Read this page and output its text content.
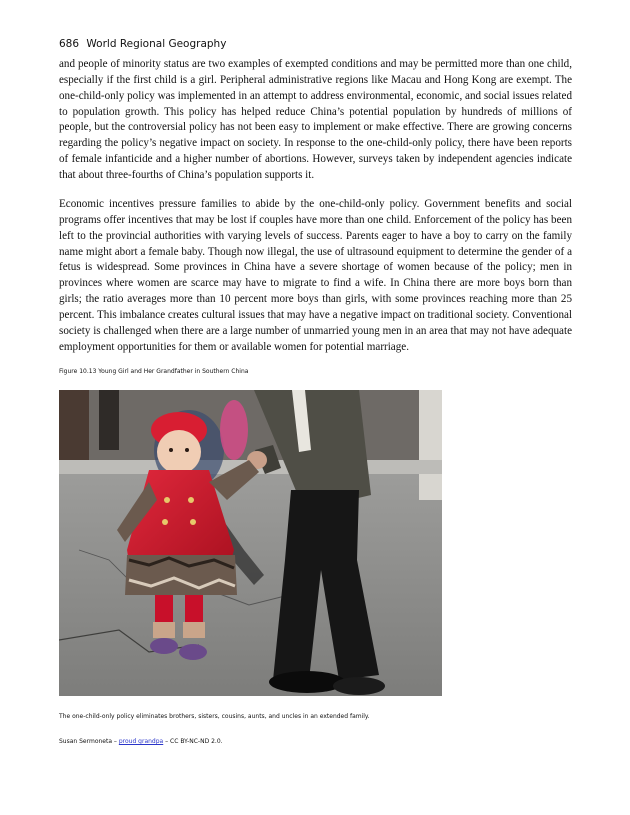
686 World Regional Geography

and people of minority status are two examples of exempted conditions and may be permitted more than one child, especially if the first child is a girl. Peripheral administrative regions like Macau and Hong Kong are exempt. The one-child-only policy was implemented in an attempt to address environmental, economic, and social issues related to population growth. This policy has helped reduce China’s potential population by hundreds of millions of people, but the controversial policy has not been easy to implement or make effective. There are growing concerns regarding the policy’s negative impact on society. In response to the one-child-only policy, there have been reports of female infanticide and a higher number of abortions. However, surveys taken by independent agencies indicate that about three-fourths of China’s population supports it.

Economic incentives pressure families to abide by the one-child-only policy. Government benefits and social programs offer incentives that may be lost if couples have more than one child. Enforcement of the policy has been left to the provincial authorities with varying levels of success. Parents eager to have a boy to carry on the family name might abort a female baby. Though now illegal, the use of ultrasound equipment to determine the gender of a fetus is widespread. Some provinces in China have a severe shortage of women because of the policy; men in provinces where women are scarce may have to migrate to find a wife. In China there are more boys born than girls; the ratio averages more than 10 percent more boys than girls, with some provinces reaching more than 25 percent. This imbalance creates cultural issues that may have a negative impact on traditional society. Conventional society is challenged when there are a large number of unmarried young men in an area that may not have adequate employment opportunities for them or available women for potential marriage.

Figure 10.13 Young Girl and Her Grandfather in Southern China
The one-child-only policy eliminates brothers, sisters, cousins, aunts, and uncles in an extended family.
Susan Sermoneta – proud grandpa – CC BY-NC-ND 2.0.
